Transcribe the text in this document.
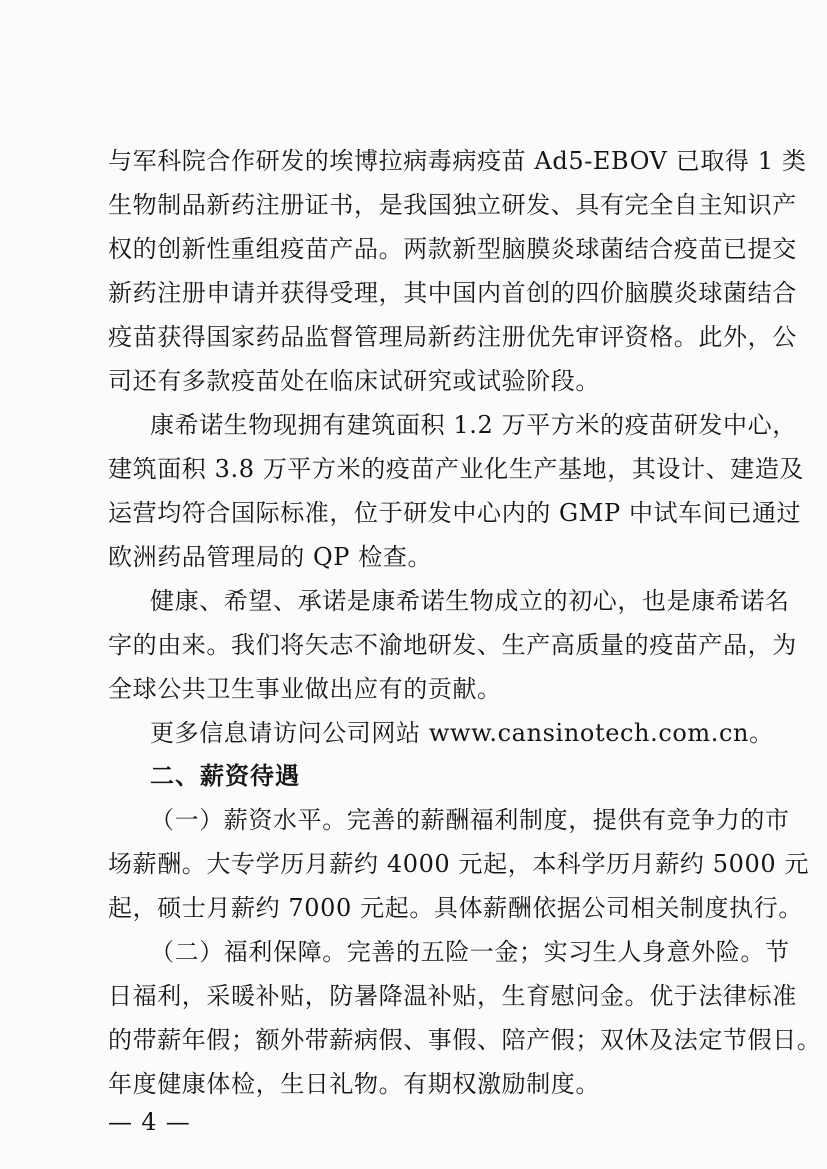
与军科院合作研发的埃博拉病毒病疫苗 Ad5-EBOV 已取得 1 类
生物制品新药注册证书，是我国独立研发、具有完全自主知识产
权的创新性重组疫苗产品。两款新型脑膜炎球菌结合疫苗已提交
新药注册申请并获得受理，其中国内首创的四价脑膜炎球菌结合
疫苗获得国家药品监督管理局新药注册优先审评资格。此外，公
司还有多款疫苗处在临床试研究或试验阶段。
康希诺生物现拥有建筑面积 1.2 万平方米的疫苗研发中心，
建筑面积 3.8 万平方米的疫苗产业化生产基地，其设计、建造及
运营均符合国际标准，位于研发中心内的 GMP 中试车间已通过
欧洲药品管理局的 QP 检查。
健康、希望、承诺是康希诺生物成立的初心，也是康希诺名
字的由来。我们将矢志不渝地研发、生产高质量的疫苗产品，为
全球公共卫生事业做出应有的贡献。
更多信息请访问公司网站 www.cansinotech.com.cn。
二、薪资待遇
（一）薪资水平。完善的薪酬福利制度，提供有竞争力的市
场薪酬。大专学历月薪约 4000 元起，本科学历月薪约 5000 元
起，硕士月薪约 7000 元起。具体薪酬依据公司相关制度执行。
（二）福利保障。完善的五险一金；实习生人身意外险。节
日福利，采暖补贴，防暑降温补贴，生育慰问金。优于法律标准
的带薪年假；额外带薪病假、事假、陪产假；双休及法定节假日。
年度健康体检，生日礼物。有期权激励制度。
— 4 —
